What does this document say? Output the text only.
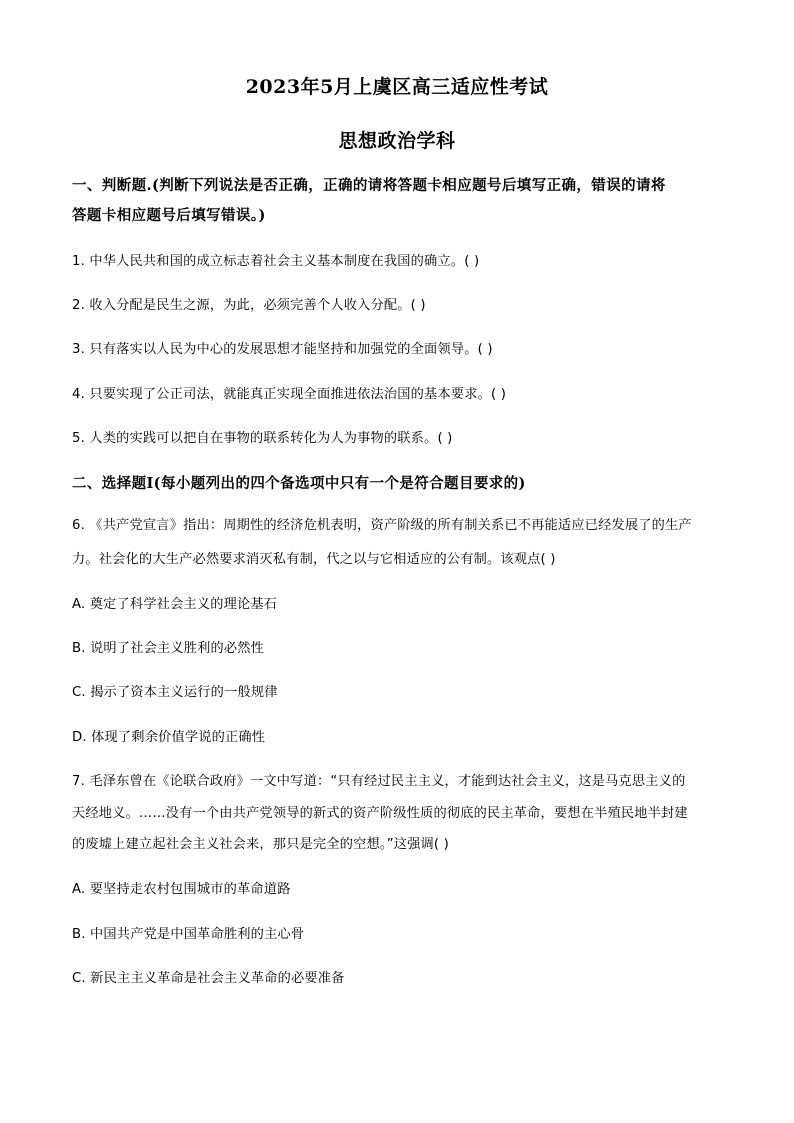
2023年5月上虞区高三适应性考试
思想政治学科
一、判断题.(判断下列说法是否正确，正确的请将答题卡相应题号后填写正确，错误的请将
答题卡相应题号后填写错误。)
1. 中华人民共和国的成立标志着社会主义基本制度在我国的确立。( )
2. 收入分配是民生之源，为此，必须完善个人收入分配。( )
3. 只有落实以人民为中心的发展思想才能坚持和加强党的全面领导。( )
4. 只要实现了公正司法，就能真正实现全面推进依法治国的基本要求。( )
5. 人类的实践可以把自在事物的联系转化为人为事物的联系。( )
二、选择题Ⅰ(每小题列出的四个备选项中只有一个是符合题目要求的)
6. 《共产党宣言》指出：周期性的经济危机表明，资产阶级的所有制关系已不再能适应已经发展了的生产
力。社会化的大生产必然要求消灭私有制，代之以与它相适应的公有制。该观点( )
A. 奠定了科学社会主义的理论基石
B. 说明了社会主义胜利的必然性
C. 揭示了资本主义运行的一般规律
D. 体现了剩余价值学说的正确性
7. 毛泽东曾在《论联合政府》一文中写道：“只有经过民主主义，才能到达社会主义，这是马克思主义的
天经地义。……没有一个由共产党领导的新式的资产阶级性质的彻底的民主革命，要想在半殖民地半封建
的废墟上建立起社会主义社会来，那只是完全的空想。”这强调( )
A. 要坚持走农村包围城市的革命道路
B. 中国共产党是中国革命胜利的主心骨
C. 新民主主义革命是社会主义革命的必要准备
